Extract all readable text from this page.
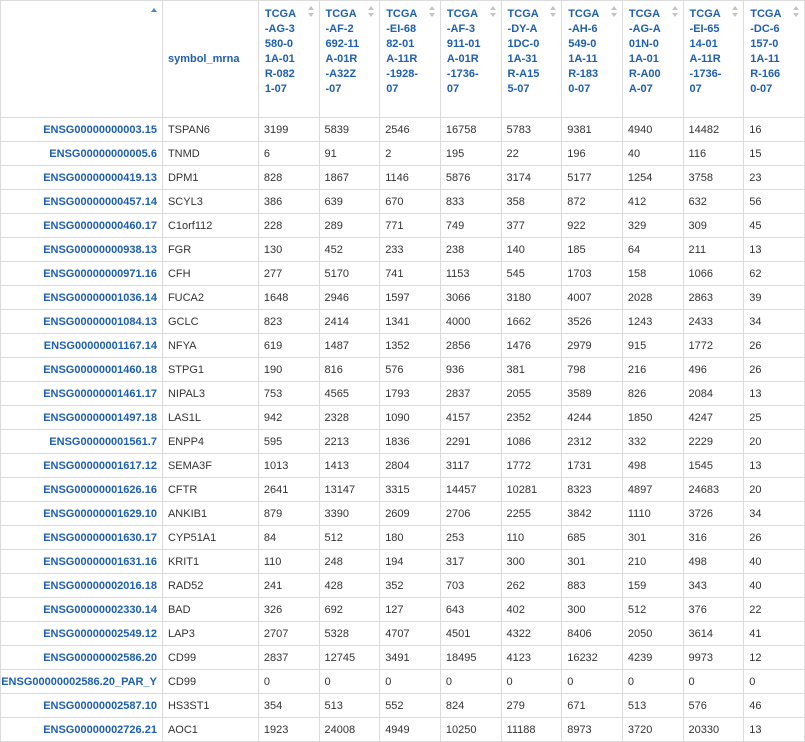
	symbol_mrna	TCGA-AG-3580-01A-01R-0821-07	TCGA-AF-2692-11A-01R-A32Z-07	TCGA-EI-6882-01A-11R-1928-07	TCGA-AF-3911-01A-01R-1736-07	TCGA-DY-A1DC-01A-31R-A155-07	TCGA-AH-6549-01A-11R-1830-07	TCGA-AG-A01N-01A-01R-A00A-07	TCGA-EI-6514-01A-11R-1736-07	TCGA-DC-6157-01A-11R-1660-07

ENSG00000000003.15	TSPAN6	3199	5839	2546	16758	5783	9381	4940	14482	16
ENSG00000000005.6	TNMD	6	91	2	195	22	196	40	116	15
ENSG00000000419.13	DPM1	828	1867	1146	5876	3174	5177	1254	3758	23
ENSG00000000457.14	SCYL3	386	639	670	833	358	872	412	632	56
ENSG00000000460.17	C1orf112	228	289	771	749	377	922	329	309	45
ENSG00000000938.13	FGR	130	452	233	238	140	185	64	211	13
ENSG00000000971.16	CFH	277	5170	741	1153	545	1703	158	1066	62
ENSG00000001036.14	FUCA2	1648	2946	1597	3066	3180	4007	2028	2863	39
ENSG00000001084.13	GCLC	823	2414	1341	4000	1662	3526	1243	2433	34
ENSG00000001167.14	NFYA	619	1487	1352	2856	1476	2979	915	1772	26
ENSG00000001460.18	STPG1	190	816	576	936	381	798	216	496	26
ENSG00000001461.17	NIPAL3	753	4565	1793	2837	2055	3589	826	2084	13
ENSG00000001497.18	LAS1L	942	2328	1090	4157	2352	4244	1850	4247	25
ENSG00000001561.7	ENPP4	595	2213	1836	2291	1086	2312	332	2229	20
ENSG00000001617.12	SEMA3F	1013	1413	2804	3117	1772	1731	498	1545	13
ENSG00000001626.16	CFTR	2641	13147	3315	14457	10281	8323	4897	24683	20
ENSG00000001629.10	ANKIB1	879	3390	2609	2706	2255	3842	1110	3726	34
ENSG00000001630.17	CYP51A1	84	512	180	253	110	685	301	316	26
ENSG00000001631.16	KRIT1	110	248	194	317	300	301	210	498	40
ENSG00000002016.18	RAD52	241	428	352	703	262	883	159	343	40
ENSG00000002330.14	BAD	326	692	127	643	402	300	512	376	22
ENSG00000002549.12	LAP3	2707	5328	4707	4501	4322	8406	2050	3614	41
ENSG00000002586.20	CD99	2837	12745	3491	18495	4123	16232	4239	9973	12
ENSG00000002586.20_PAR_Y	CD99	0	0	0	0	0	0	0	0	0
ENSG00000002587.10	HS3ST1	354	513	552	824	279	671	513	576	46
ENSG00000002726.21	AOC1	1923	24008	4949	10250	11188	8973	3720	20330	13
